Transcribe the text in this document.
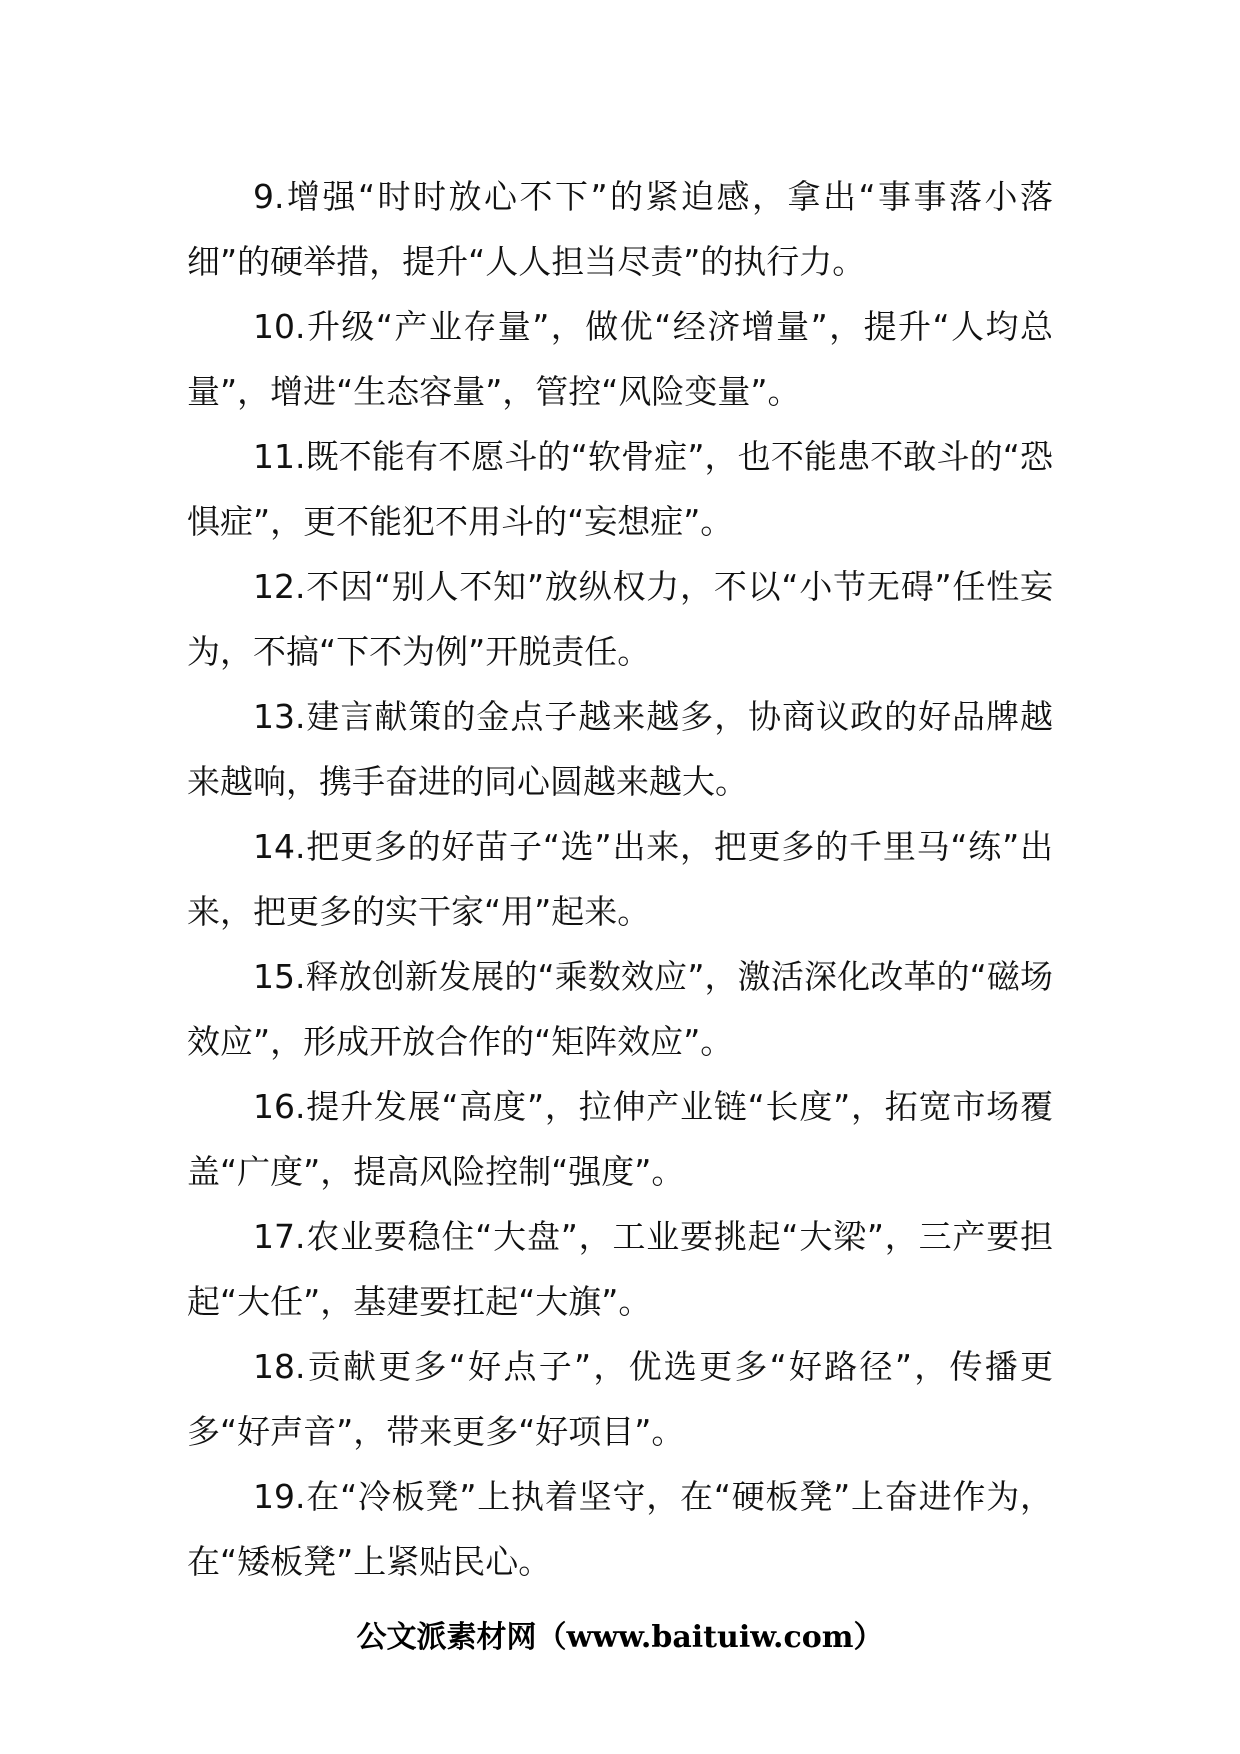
9.增强“时时放心不下”的紧迫感，拿出“事事落小落细”的硬举措，提升“人人担当尽责”的执行力。

10.升级“产业存量”，做优“经济增量”，提升“人均总量”，增进“生态容量”，管控“风险变量”。

11.既不能有不愿斗的“软骨症”，也不能患不敢斗的“恐惧症”，更不能犯不用斗的“妄想症”。

12.不因“别人不知”放纵权力，不以“小节无碍”任性妄为，不搞“下不为例”开脱责任。

13.建言献策的金点子越来越多，协商议政的好品牌越来越响，携手奋进的同心圆越来越大。

14.把更多的好苗子“选”出来，把更多的千里马“练”出来，把更多的实干家“用”起来。

15.释放创新发展的“乘数效应”，激活深化改革的“磁场效应”，形成开放合作的“矩阵效应”。

16.提升发展“高度”，拉伸产业链“长度”，拓宽市场覆盖“广度”，提高风险控制“强度”。

17.农业要稳住“大盘”，工业要挑起“大梁”，三产要担起“大任”，基建要扛起“大旗”。

18.贡献更多“好点子”，优选更多“好路径”，传播更多“好声音”，带来更多“好项目”。

19.在“冷板凳”上执着坚守，在“硬板凳”上奋进作为，在“矮板凳”上紧贴民心。

公文派素材网（www.baituiw.com）
